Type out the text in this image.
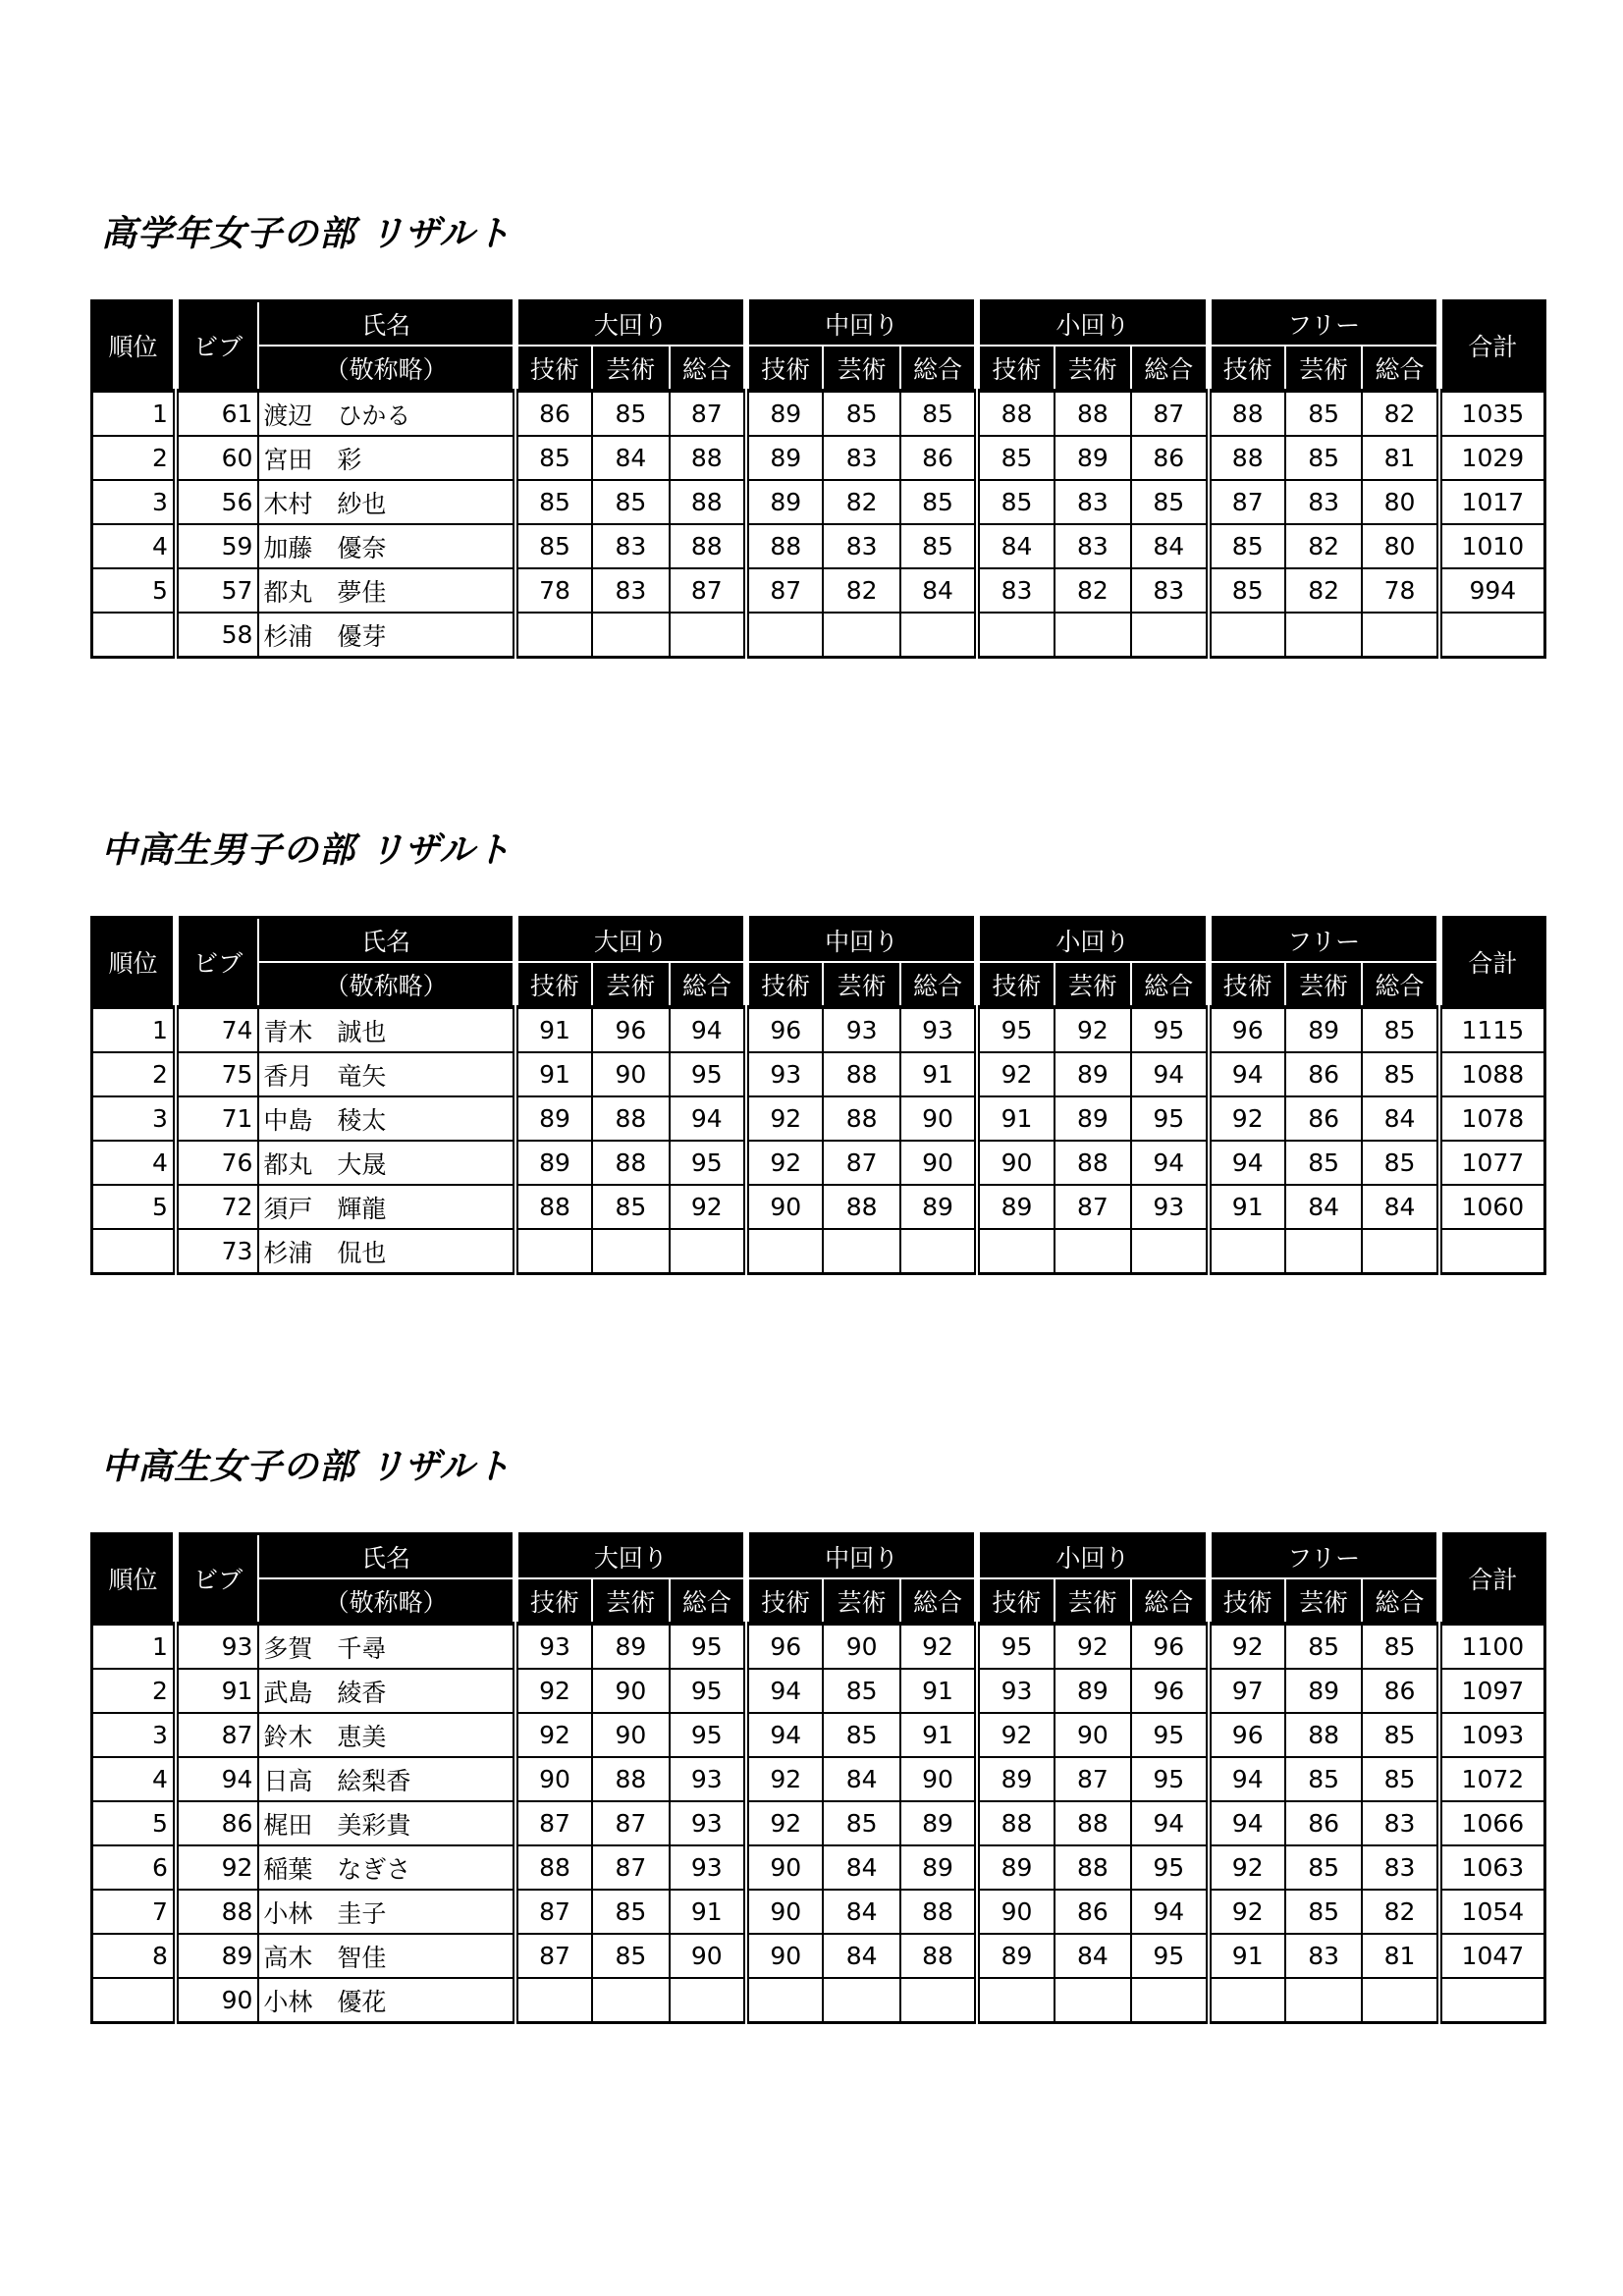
高学年女子の部 リザルト
順位	ビブ	氏名	大回り			中回り			小回り			フリー			合計
		（敬称略）	技術	芸術	総合	技術	芸術	総合	技術	芸術	総合	技術	芸術	総合	
1	61	渡辺　ひかる	86	85	87	89	85	85	88	88	87	88	85	82	1035
2	60	宮田　彩	85	84	88	89	83	86	85	89	86	88	85	81	1029
3	56	木村　紗也	85	85	88	89	82	85	85	83	85	87	83	80	1017
4	59	加藤　優奈	85	83	88	88	83	85	84	83	84	85	82	80	1010
5	57	都丸　夢佳	78	83	87	87	82	84	83	82	83	85	82	78	994
	58	杉浦　優芽													
中高生男子の部 リザルト
順位	ビブ	氏名	大回り			中回り			小回り			フリー			合計
		（敬称略）	技術	芸術	総合	技術	芸術	総合	技術	芸術	総合	技術	芸術	総合	
1	74	青木　誠也	91	96	94	96	93	93	95	92	95	96	89	85	1115
2	75	香月　竜矢	91	90	95	93	88	91	92	89	94	94	86	85	1088
3	71	中島　稜太	89	88	94	92	88	90	91	89	95	92	86	84	1078
4	76	都丸　大晟	89	88	95	92	87	90	90	88	94	94	85	85	1077
5	72	須戸　輝龍	88	85	92	90	88	89	89	87	93	91	84	84	1060
	73	杉浦　侃也													
中高生女子の部 リザルト
順位	ビブ	氏名	大回り			中回り			小回り			フリー			合計
		（敬称略）	技術	芸術	総合	技術	芸術	総合	技術	芸術	総合	技術	芸術	総合	
1	93	多賀　千尋	93	89	95	96	90	92	95	92	96	92	85	85	1100
2	91	武島　綾香	92	90	95	94	85	91	93	89	96	97	89	86	1097
3	87	鈴木　恵美	92	90	95	94	85	91	92	90	95	96	88	85	1093
4	94	日高　絵梨香	90	88	93	92	84	90	89	87	95	94	85	85	1072
5	86	梶田　美彩貴	87	87	93	92	85	89	88	88	94	94	86	83	1066
6	92	稲葉　なぎさ	88	87	93	90	84	89	89	88	95	92	85	83	1063
7	88	小林　圭子	87	85	91	90	84	88	90	86	94	92	85	82	1054
8	89	高木　智佳	87	85	90	90	84	88	89	84	95	91	83	81	1047
	90	小林　優花													
